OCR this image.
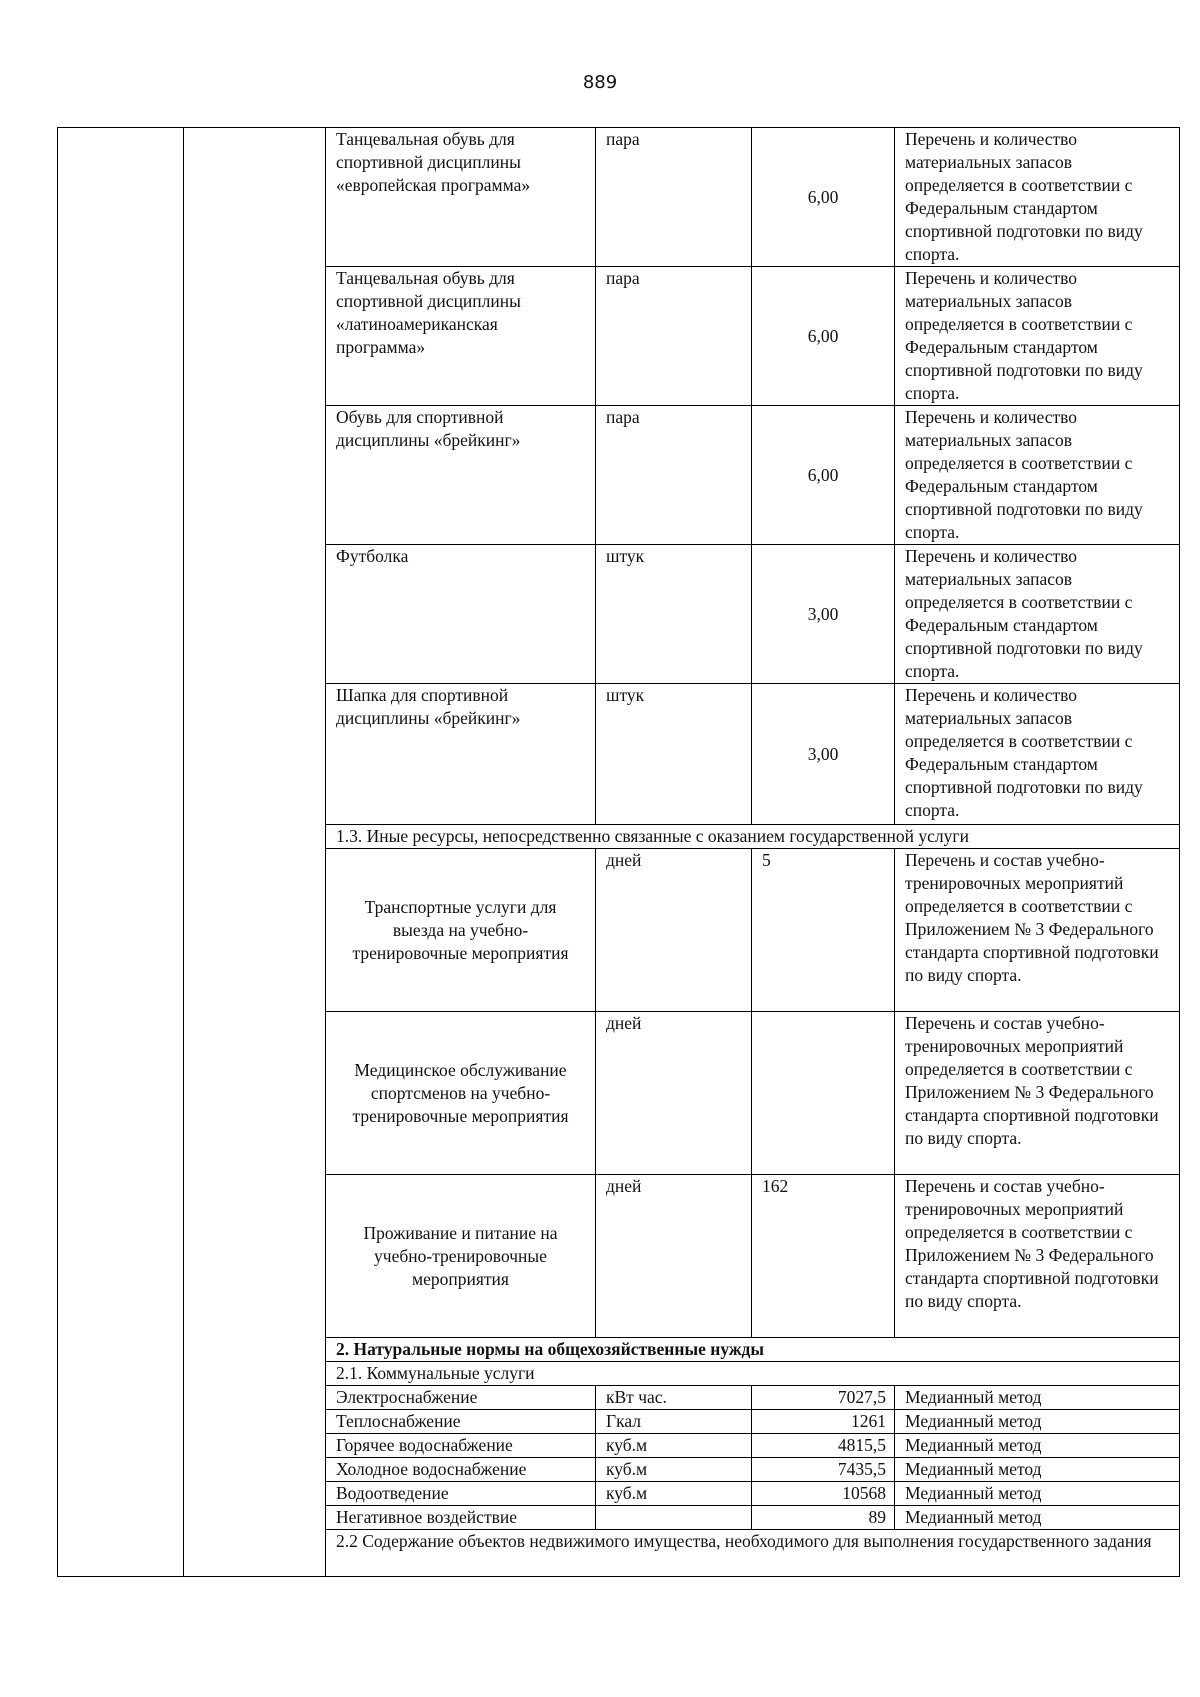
889
		Танцевальная обувь для спортивной дисциплины «европейская программа»	пара	6,00	Перечень и количество материальных запасов определяется в соответствии с Федеральным стандартом спортивной подготовки по виду спорта.
		Танцевальная обувь для спортивной дисциплины «латиноамериканская программа»	пара	6,00	Перечень и количество материальных запасов определяется в соответствии с Федеральным стандартом спортивной подготовки по виду спорта.
		Обувь для спортивной дисциплины «брейкинг»	пара	6,00	Перечень и количество материальных запасов определяется в соответствии с Федеральным стандартом спортивной подготовки по виду спорта.
		Футболка	штук	3,00	Перечень и количество материальных запасов определяется в соответствии с Федеральным стандартом спортивной подготовки по виду спорта.
		Шапка для спортивной дисциплины «брейкинг»	штук	3,00	Перечень и количество материальных запасов определяется в соответствии с Федеральным стандартом спортивной подготовки по виду спорта.
		1.3. Иные ресурсы, непосредственно связанные с оказанием государственной услуги			
		Транспортные услуги для выезда на учебно-тренировочные мероприятия	дней	5	Перечень и состав учебно-тренировочных мероприятий определяется в соответствии с Приложением № 3 Федерального стандарта спортивной подготовки по виду спорта.
		Медицинское обслуживание спортсменов на учебно-тренировочные мероприятия	дней		Перечень и состав учебно-тренировочных мероприятий определяется в соответствии с Приложением № 3 Федерального стандарта спортивной подготовки по виду спорта.
		Проживание и питание на учебно-тренировочные мероприятия	дней	162	Перечень и состав учебно-тренировочных мероприятий определяется в соответствии с Приложением № 3 Федерального стандарта спортивной подготовки по виду спорта.
		2. Натуральные нормы на общехозяйственные нужды			
		2.1. Коммунальные услуги			
		Электроснабжение	кВт час.	7027,5	Медианный метод
		Теплоснабжение	Гкал	1261	Медианный метод
		Горячее водоснабжение	куб.м	4815,5	Медианный метод
		Холодное водоснабжение	куб.м	7435,5	Медианный метод
		Водоотведение	куб.м	10568	Медианный метод
		Негативное воздействие		89	Медианный метод
		2.2 Содержание объектов недвижимого имущества, необходимого для выполнения государственного задания			
